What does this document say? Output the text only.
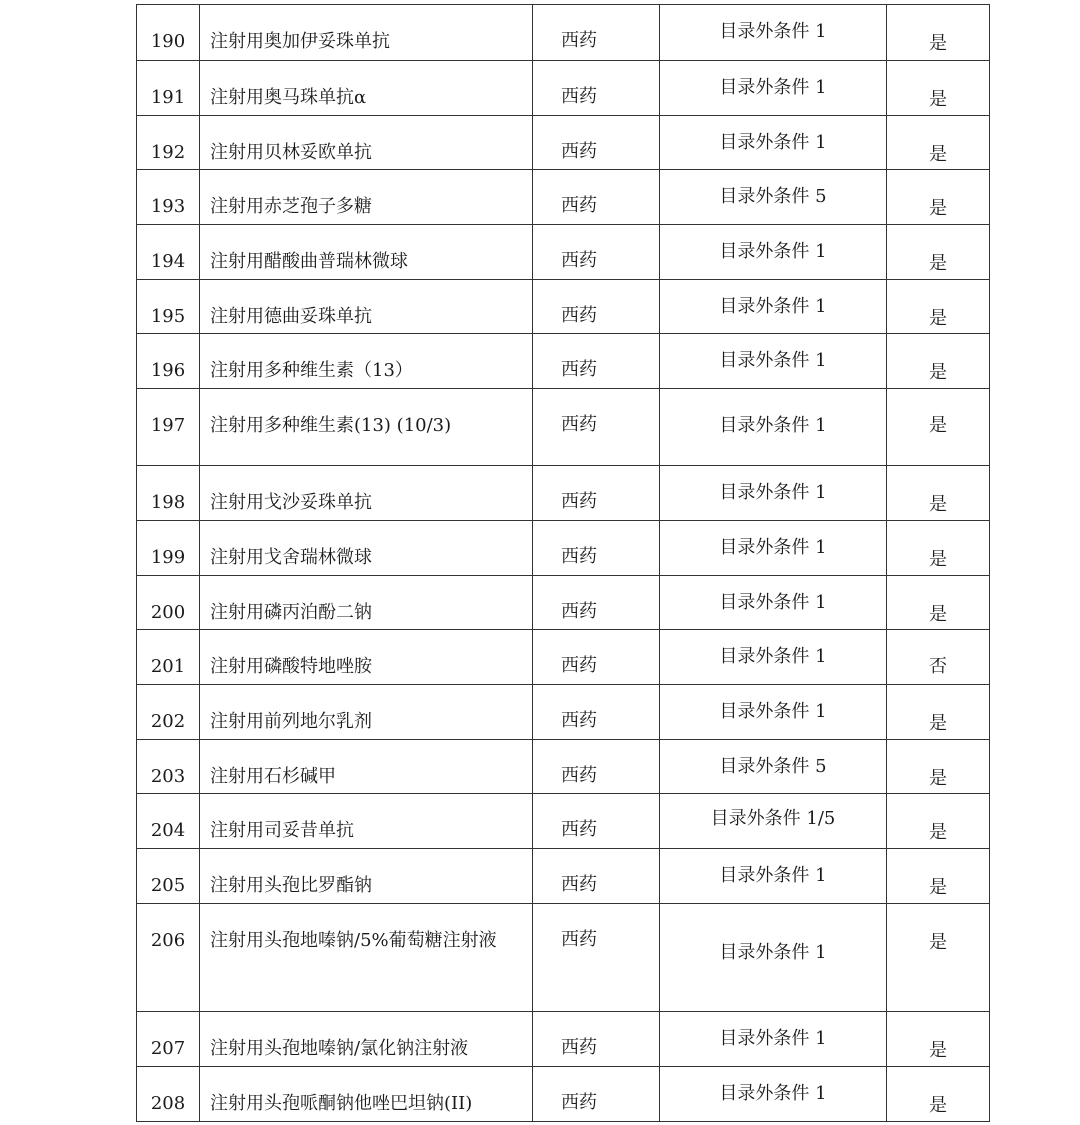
190	注射用奥加伊妥珠单抗	西药	目录外条件 1	是

191	注射用奥马珠单抗α	西药	目录外条件 1	是

192	注射用贝林妥欧单抗	西药	目录外条件 1	是

193	注射用赤芝孢子多糖	西药	目录外条件 5	是

194	注射用醋酸曲普瑞林微球	西药	目录外条件 1	是

195	注射用德曲妥珠单抗	西药	目录外条件 1	是

196	注射用多种维生素（13）	西药	目录外条件 1	是

197	注射用多种维生素(13) (10/3)	西药	目录外条件 1	是

198	注射用戈沙妥珠单抗	西药	目录外条件 1	是

199	注射用戈舍瑞林微球	西药	目录外条件 1	是

200	注射用磷丙泊酚二钠	西药	目录外条件 1	是

201	注射用磷酸特地唑胺	西药	目录外条件 1	否

202	注射用前列地尔乳剂	西药	目录外条件 1	是

203	注射用石杉碱甲	西药	目录外条件 5	是

204	注射用司妥昔单抗	西药	目录外条件 1/5	是

205	注射用头孢比罗酯钠	西药	目录外条件 1	是

206	注射用头孢地嗪钠/5%葡萄糖注射液	西药	目录外条件 1	是

207	注射用头孢地嗪钠/氯化钠注射液	西药	目录外条件 1	是

208	注射用头孢哌酮钠他唑巴坦钠(II)	西药	目录外条件 1	是
